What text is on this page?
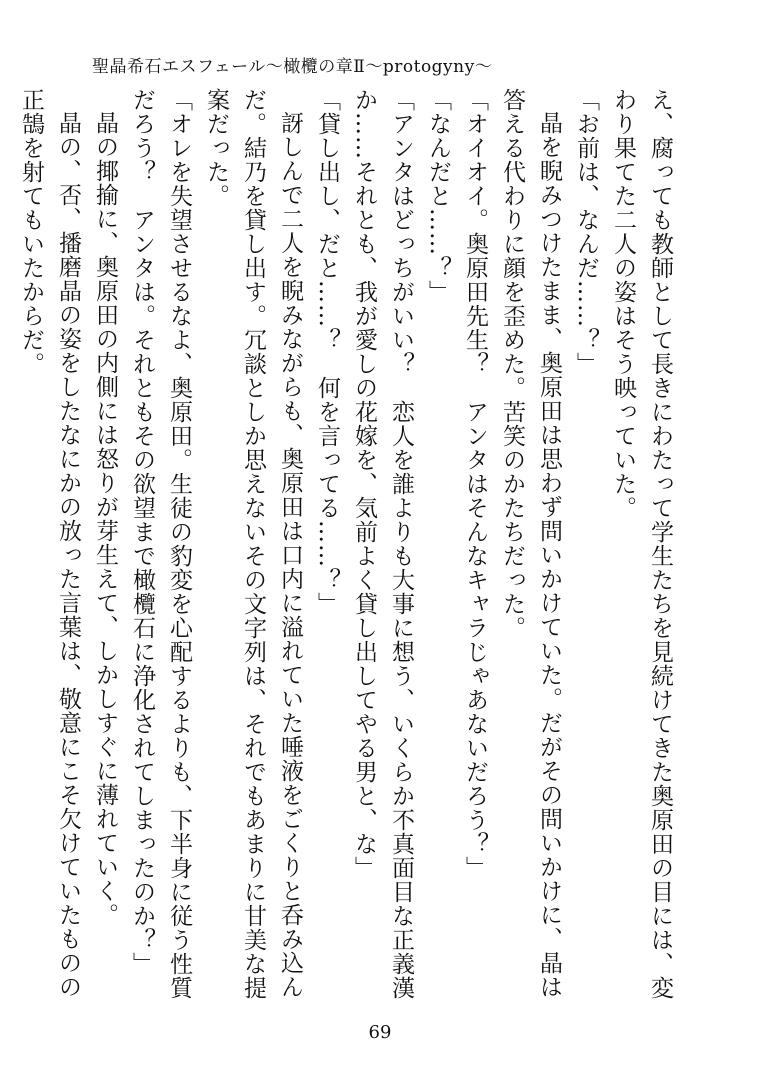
聖晶希石エスフェール〜橄欖の章Ⅱ〜protogyny〜

え、腐っても教師として長きにわたって学生たちを見続けてきた奥原田の目には、変わり果てた二人の姿はそう映っていた。

「お前は、なんだ……？」

晶を睨みつけたまま、奥原田は思わず問いかけていた。だがその問いかけに、晶は答える代わりに顔を歪めた。苦笑のかたちだった。

「オイオイ。奥原田先生？　アンタはそんなキャラじゃあないだろう？」

「なんだと……？」

「アンタはどっちがいい？　恋人を誰よりも大事に想う、いくらか不真面目な正義漢か……それとも、我が愛しの花嫁を、気前よく貸し出してやる男と、な」

「貸し出し、だと……？　何を言ってる……？」

訝しんで二人を睨みながらも、奥原田は口内に溢れていた唾液をごくりと呑み込んだ。結乃を貸し出す。冗談としか思えないその文字列は、それでもあまりに甘美な提案だった。

「オレを失望させるなよ、奥原田。生徒の豹変を心配するよりも、下半身に従う性質だろう？　アンタは。それともその欲望まで橄欖石に浄化されてしまったのか？」

晶の揶揄に、奥原田の内側には怒りが芽生えて、しかしすぐに薄れていく。

晶の、否、播磨晶の姿をしたなにかの放った言葉は、敬意にこそ欠けていたものの正鵠を射てもいたからだ。

69
